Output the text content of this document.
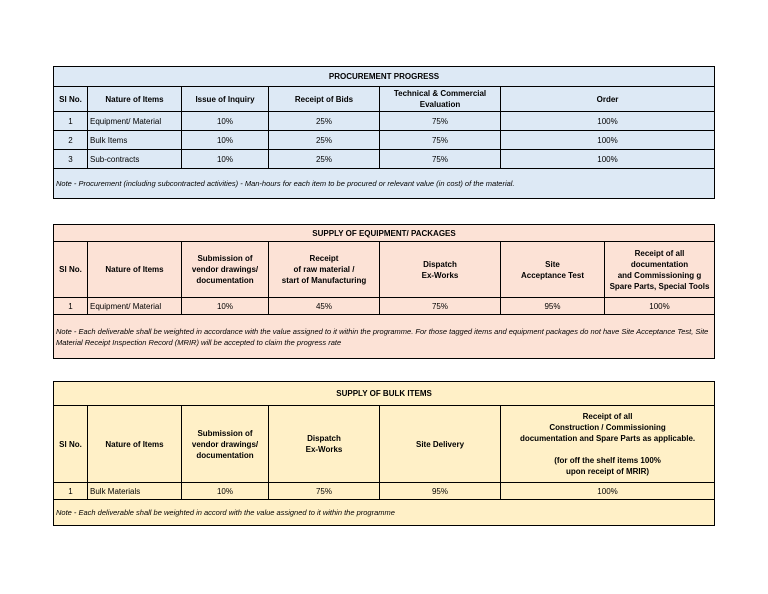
PROCUREMENT PROGRESS					
Sl No.	Nature of Items	Issue of Inquiry	Receipt of Bids	Technical & Commercial
Evaluation	Order
1	Equipment/ Material	10%	25%	75%	100%
2	Bulk Items	10%	25%	75%	100%
3	Sub-contracts	10%	25%	75%	100%
Note - Procurement (including subcontracted activities) - Man-hours for each item to be procured or relevant value (in cost) of the material.					
SUPPLY OF EQUIPMENT/ PACKAGES						
Sl No.	Nature of Items	Submission of
vendor drawings/
documentation	Receipt
of raw material /
start of Manufacturing	Dispatch
Ex-Works	Site
Acceptance Test	Receipt of all
documentation
and Commissioning g
Spare Parts, Special Tools
1	Equipment/ Material	10%	45%	75%	95%	100%
Note - Each deliverable shall be weighted in accordance with the value assigned to it within the programme. For those tagged items and equipment packages do not have Site Acceptance Test, Site Material Receipt Inspection Record (MRIR) will be accepted to claim the progress rate						
SUPPLY OF BULK ITEMS					
Sl No.	Nature of Items	Submission of
vendor drawings/
documentation	Dispatch
Ex-Works	Site Delivery	Receipt of all
Construction / Commissioning
documentation and Spare Parts as applicable.

(for off the shelf items 100%
upon receipt of MRIR)
1	Bulk Materials	10%	75%	95%	100%
Note - Each deliverable shall be weighted in accord with the value assigned to it within the programme					
